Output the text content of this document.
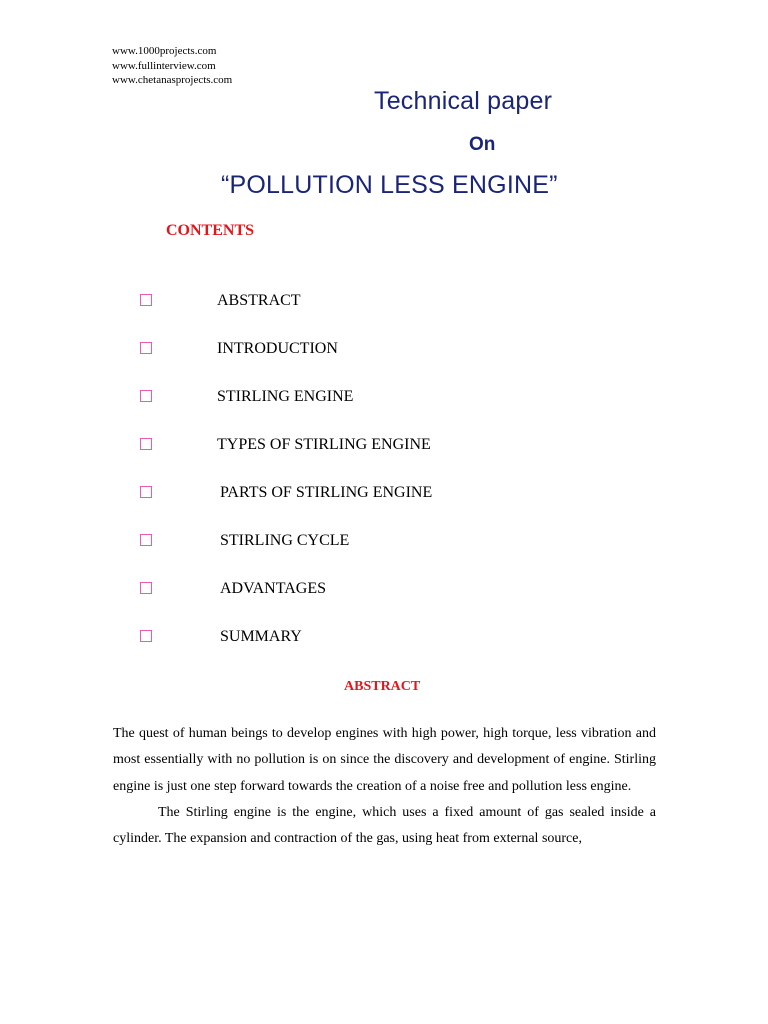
www.1000projects.com
www.fullinterview.com
www.chetanasprojects.com
Technical paper
On
“POLLUTION LESS ENGINE”
CONTENTS
ABSTRACT
INTRODUCTION
STIRLING ENGINE
TYPES OF STIRLING ENGINE
PARTS OF STIRLING ENGINE
STIRLING CYCLE
ADVANTAGES
SUMMARY
ABSTRACT

The quest of human beings to develop engines with high power, high torque, less vibration and most essentially with no pollution is on since the discovery and development of engine. Stirling engine is just one step forward towards the creation of a noise free and pollution less engine.

The Stirling engine is the engine, which uses a fixed amount of gas sealed inside a cylinder. The expansion and contraction of the gas, using heat from external source,
